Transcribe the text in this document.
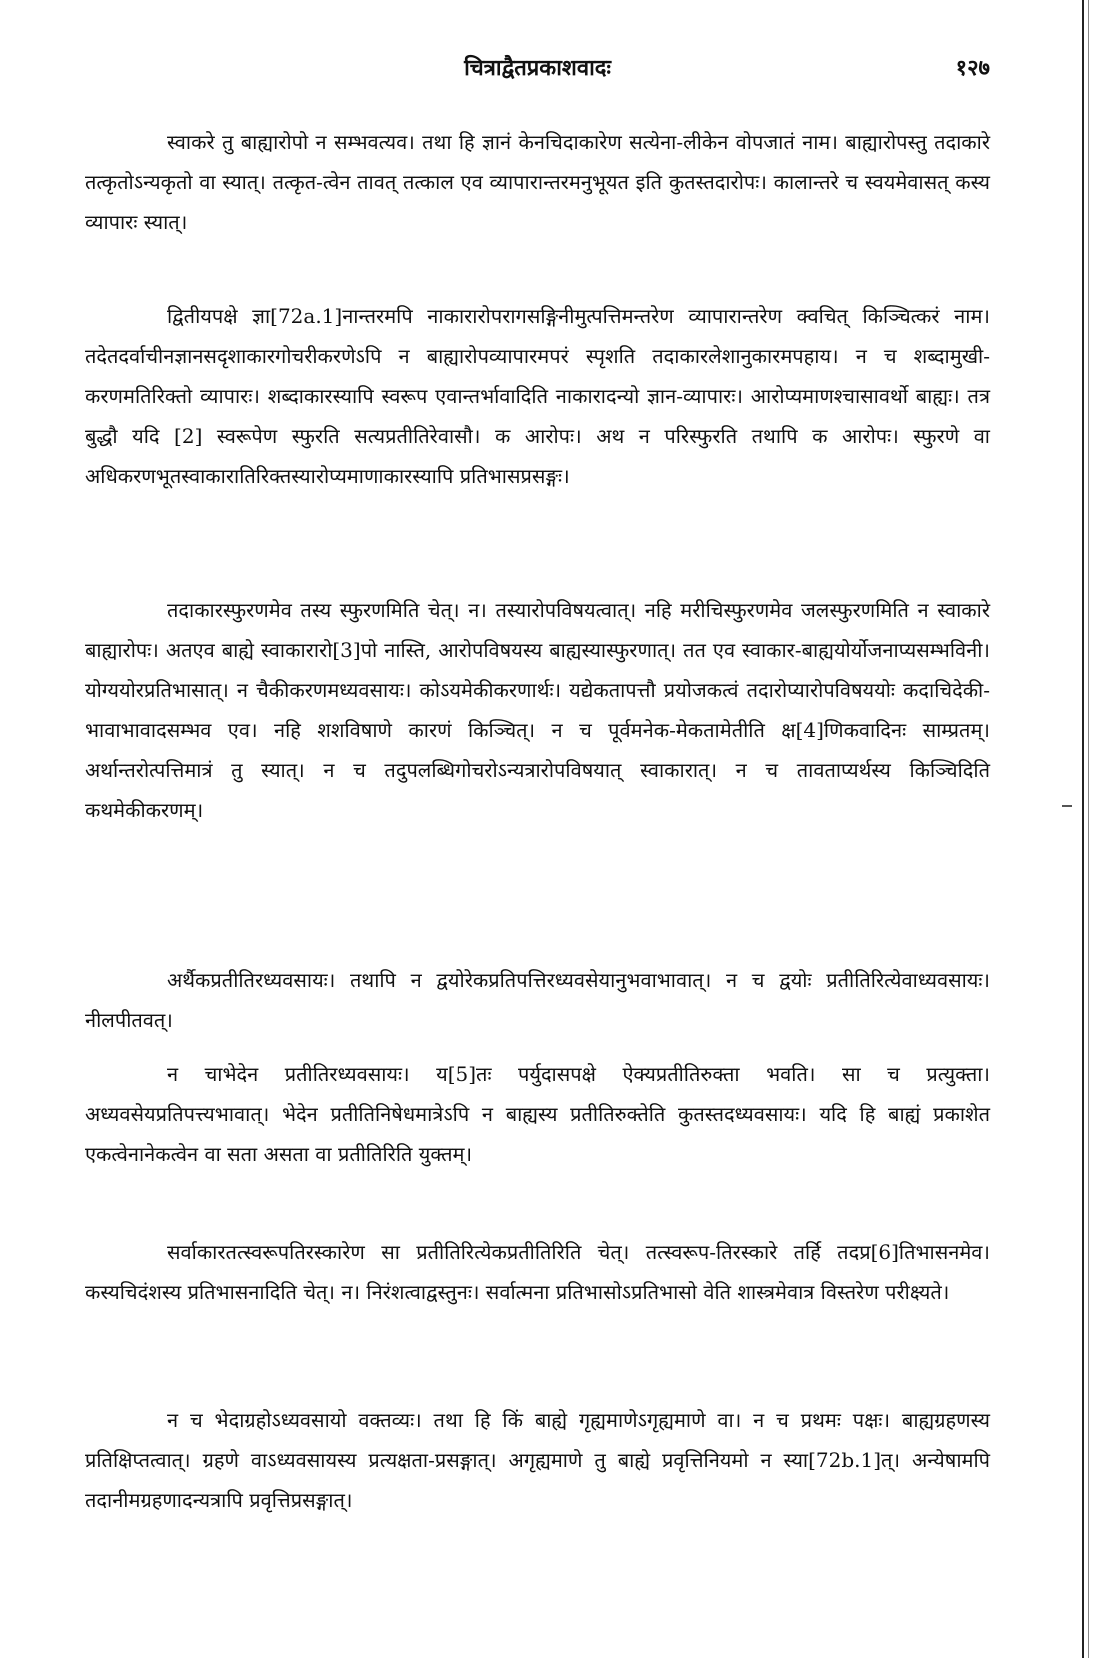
चित्राद्वैतप्रकाशवादः	१२७

स्वाकरे तु बाह्यारोपो न सम्भवत्यव। तथा हि ज्ञानं केनचिदाकारेण सत्येना-लीकेन वोपजातं नाम। बाह्यारोपस्तु तदाकारे तत्कृतोऽन्यकृतो वा स्यात्। तत्कृत-त्वेन तावत् तत्काल एव व्यापारान्तरमनुभूयत इति कुतस्तदारोपः। कालान्तरे च स्वयमेवासत् कस्य व्यापारः स्यात्।

द्वितीयपक्षे ज्ञा[72a.1]नान्तरमपि नाकारारोपरागसङ्गिनीमुत्पत्तिमन्तरेण व्यापारान्तरेण क्वचित् किञ्चित्करं नाम। तदेतदर्वाचीनज्ञानसदृशाकारगोचरीकरणेऽपि न बाह्यारोपव्यापारमपरं स्पृशति तदाकारलेशानुकारमपहाय। न च शब्दामुखी-करणमतिरिक्तो व्यापारः। शब्दाकारस्यापि स्वरूप एवान्तर्भावादिति नाकारादन्यो ज्ञान-व्यापारः। आरोप्यमाणश्चासावर्थो बाह्यः। तत्र बुद्धौ यदि [2] स्वरूपेण स्फुरति सत्यप्रतीतिरेवासौ। क आरोपः। अथ न परिस्फुरति तथापि क आरोपः। स्फुरणे वा अधिकरणभूतस्वाकारातिरिक्तस्यारोप्यमाणाकारस्यापि प्रतिभासप्रसङ्गः।

तदाकारस्फुरणमेव तस्य स्फुरणमिति चेत्। न। तस्यारोपविषयत्वात्। नहि मरीचिस्फुरणमेव जलस्फुरणमिति न स्वाकारे बाह्यारोपः। अतएव बाह्ये स्वाकारारो[3]पो नास्ति, आरोपविषयस्य बाह्यस्यास्फुरणात्। तत एव स्वाकार-बाह्ययोर्योजनाप्यसम्भविनी। योग्ययोरप्रतिभासात्। न चैकीकरणमध्यवसायः। कोऽयमेकीकरणार्थः। यद्येकतापत्तौ प्रयोजकत्वं तदारोप्यारोपविषययोः कदाचिदेकी-भावाभावादसम्भव एव। नहि शशविषाणे कारणं किञ्चित्। न च पूर्वमनेक-मेकतामेतीति क्ष[4]णिकवादिनः साम्प्रतम्। अर्थान्तरोत्पत्तिमात्रं तु स्यात्। न च तदुपलब्धिगोचरोऽन्यत्रारोपविषयात् स्वाकारात्। न च तावताप्यर्थस्य किञ्चिदिति कथमेकीकरणम्।

अर्थैकप्रतीतिरध्यवसायः। तथापि न द्वयोरेकप्रतिपत्तिरध्यवसेयानुभवाभावात्। न च द्वयोः प्रतीतिरित्येवाध्यवसायः। नीलपीतवत्।

न चाभेदेन प्रतीतिरध्यवसायः। य[5]तः पर्युदासपक्षे ऐक्यप्रतीतिरुक्ता भवति। सा च प्रत्युक्ता। अध्यवसेयप्रतिपत्त्यभावात्। भेदेन प्रतीतिनिषेधमात्रेऽपि न बाह्यस्य प्रतीतिरुक्तेति कुतस्तदध्यवसायः। यदि हि बाह्यं प्रकाशेत एकत्वेनानेकत्वेन वा सता असता वा प्रतीतिरिति युक्तम्।

सर्वाकारतत्स्वरूपतिरस्कारेण सा प्रतीतिरित्येकप्रतीतिरिति चेत्। तत्स्वरूप-तिरस्कारे तर्हि तदप्र[6]तिभासनमेव। कस्यचिदंशस्य प्रतिभासनादिति चेत्। न। निरंशत्वाद्वस्तुनः। सर्वात्मना प्रतिभासोऽप्रतिभासो वेति शास्त्रमेवात्र विस्तरेण परीक्ष्यते।

न च भेदाग्रहोऽध्यवसायो वक्तव्यः। तथा हि किं बाह्ये गृह्यमाणेऽगृह्यमाणे वा। न च प्रथमः पक्षः। बाह्यग्रहणस्य प्रतिक्षिप्तत्वात्। ग्रहणे वाऽध्यवसायस्य प्रत्यक्षता-प्रसङ्गात्। अगृह्यमाणे तु बाह्ये प्रवृत्तिनियमो न स्या[72b.1]त्। अन्येषामपि तदानीमग्रहणादन्यत्रापि प्रवृत्तिप्रसङ्गात्।
